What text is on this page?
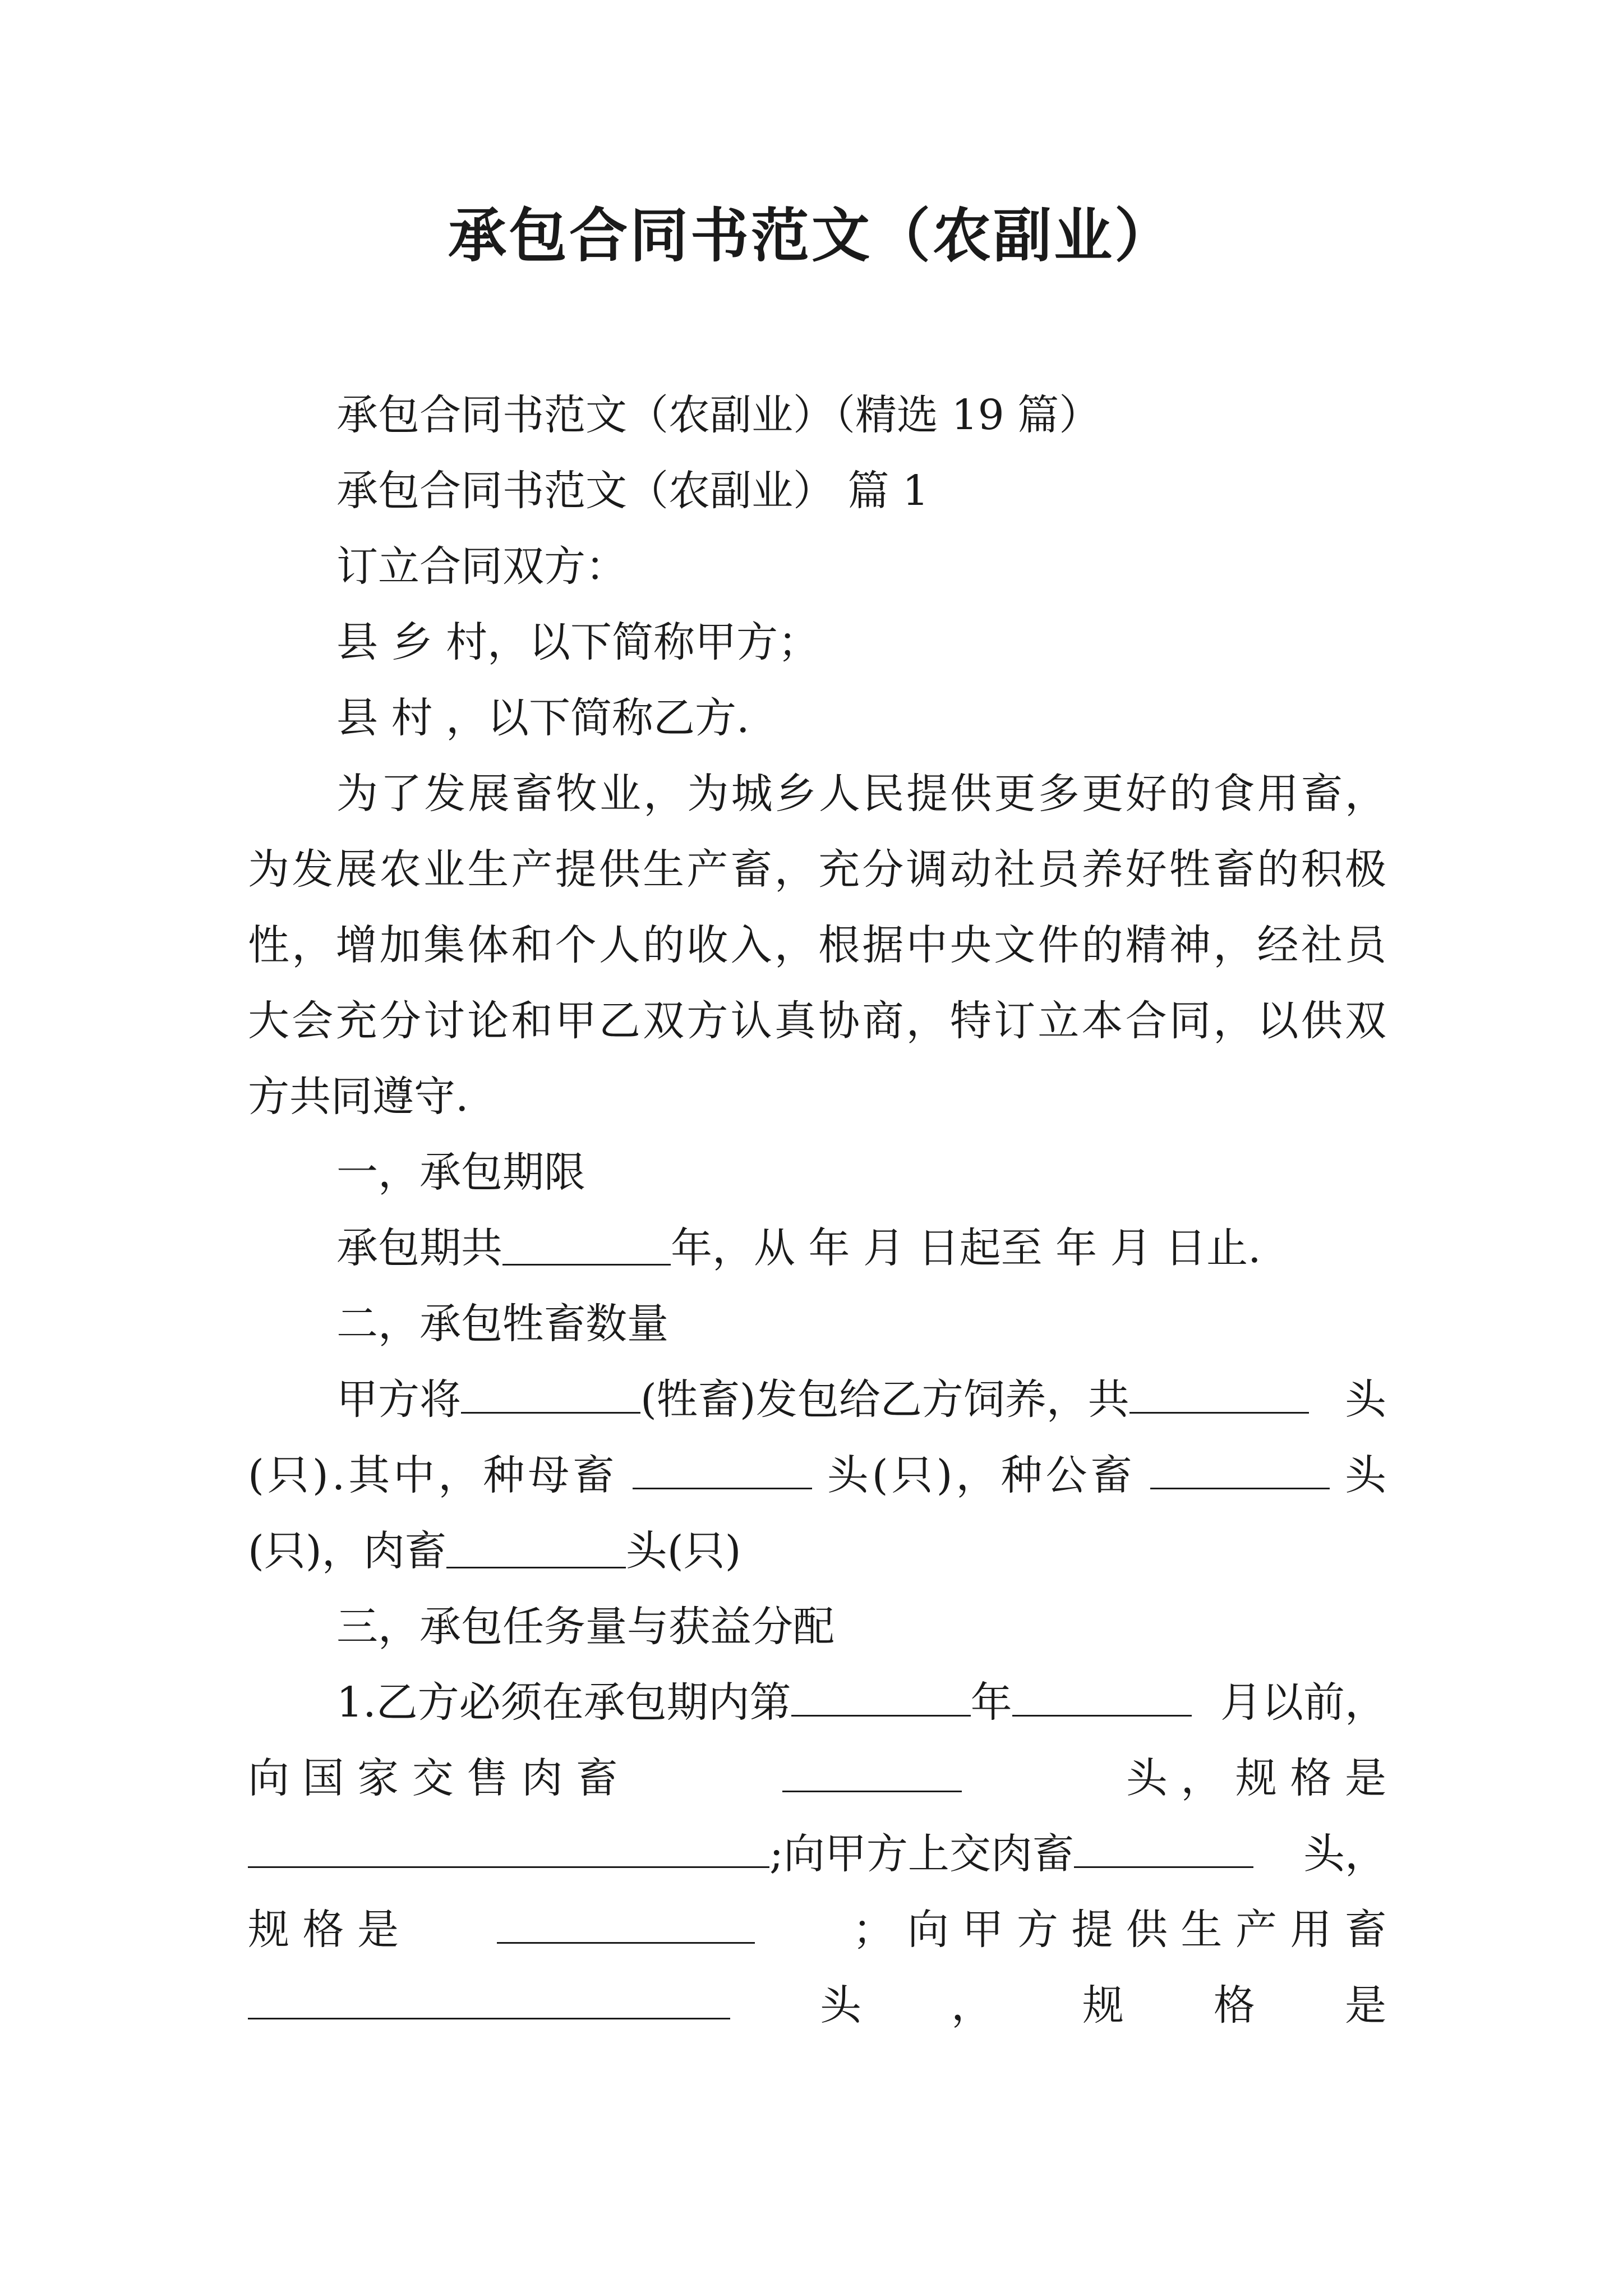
承包合同书范文（农副业）
承包合同书范文（农副业）（精选 19 篇）
承包合同书范文（农副业） 篇 1
订立合同双方：
县 乡 村，以下简称甲方；
县 村 ，以下简称乙方.
为了发展畜牧业，为城乡人民提供更多更好的食用畜，
为发展农业生产提供生产畜，充分调动社员养好牲畜的积极
性，增加集体和个人的收入，根据中央文件的精神，经社员
大会充分讨论和甲乙双方认真协商，特订立本合同，以供双
方共同遵守.
一，承包期限
承包期共	年，从 年 月 日起至 年 月 日止.
二，承包牲畜数量
甲方将	(牲畜)发包给乙方饲养，共	头
(只).其中，种母畜	头(只)，种公畜	头
(只)，肉畜	头(只)
三，承包任务量与获益分配
1.乙方必须在承包期内第	年	月以前，
向 国 家 交 售 肉 畜	头 ， 规 格 是
;向甲方上交肉畜	头，
规 格 是	； 向 甲 方 提 供 生 产 用 畜
头 ， 规 格 是
